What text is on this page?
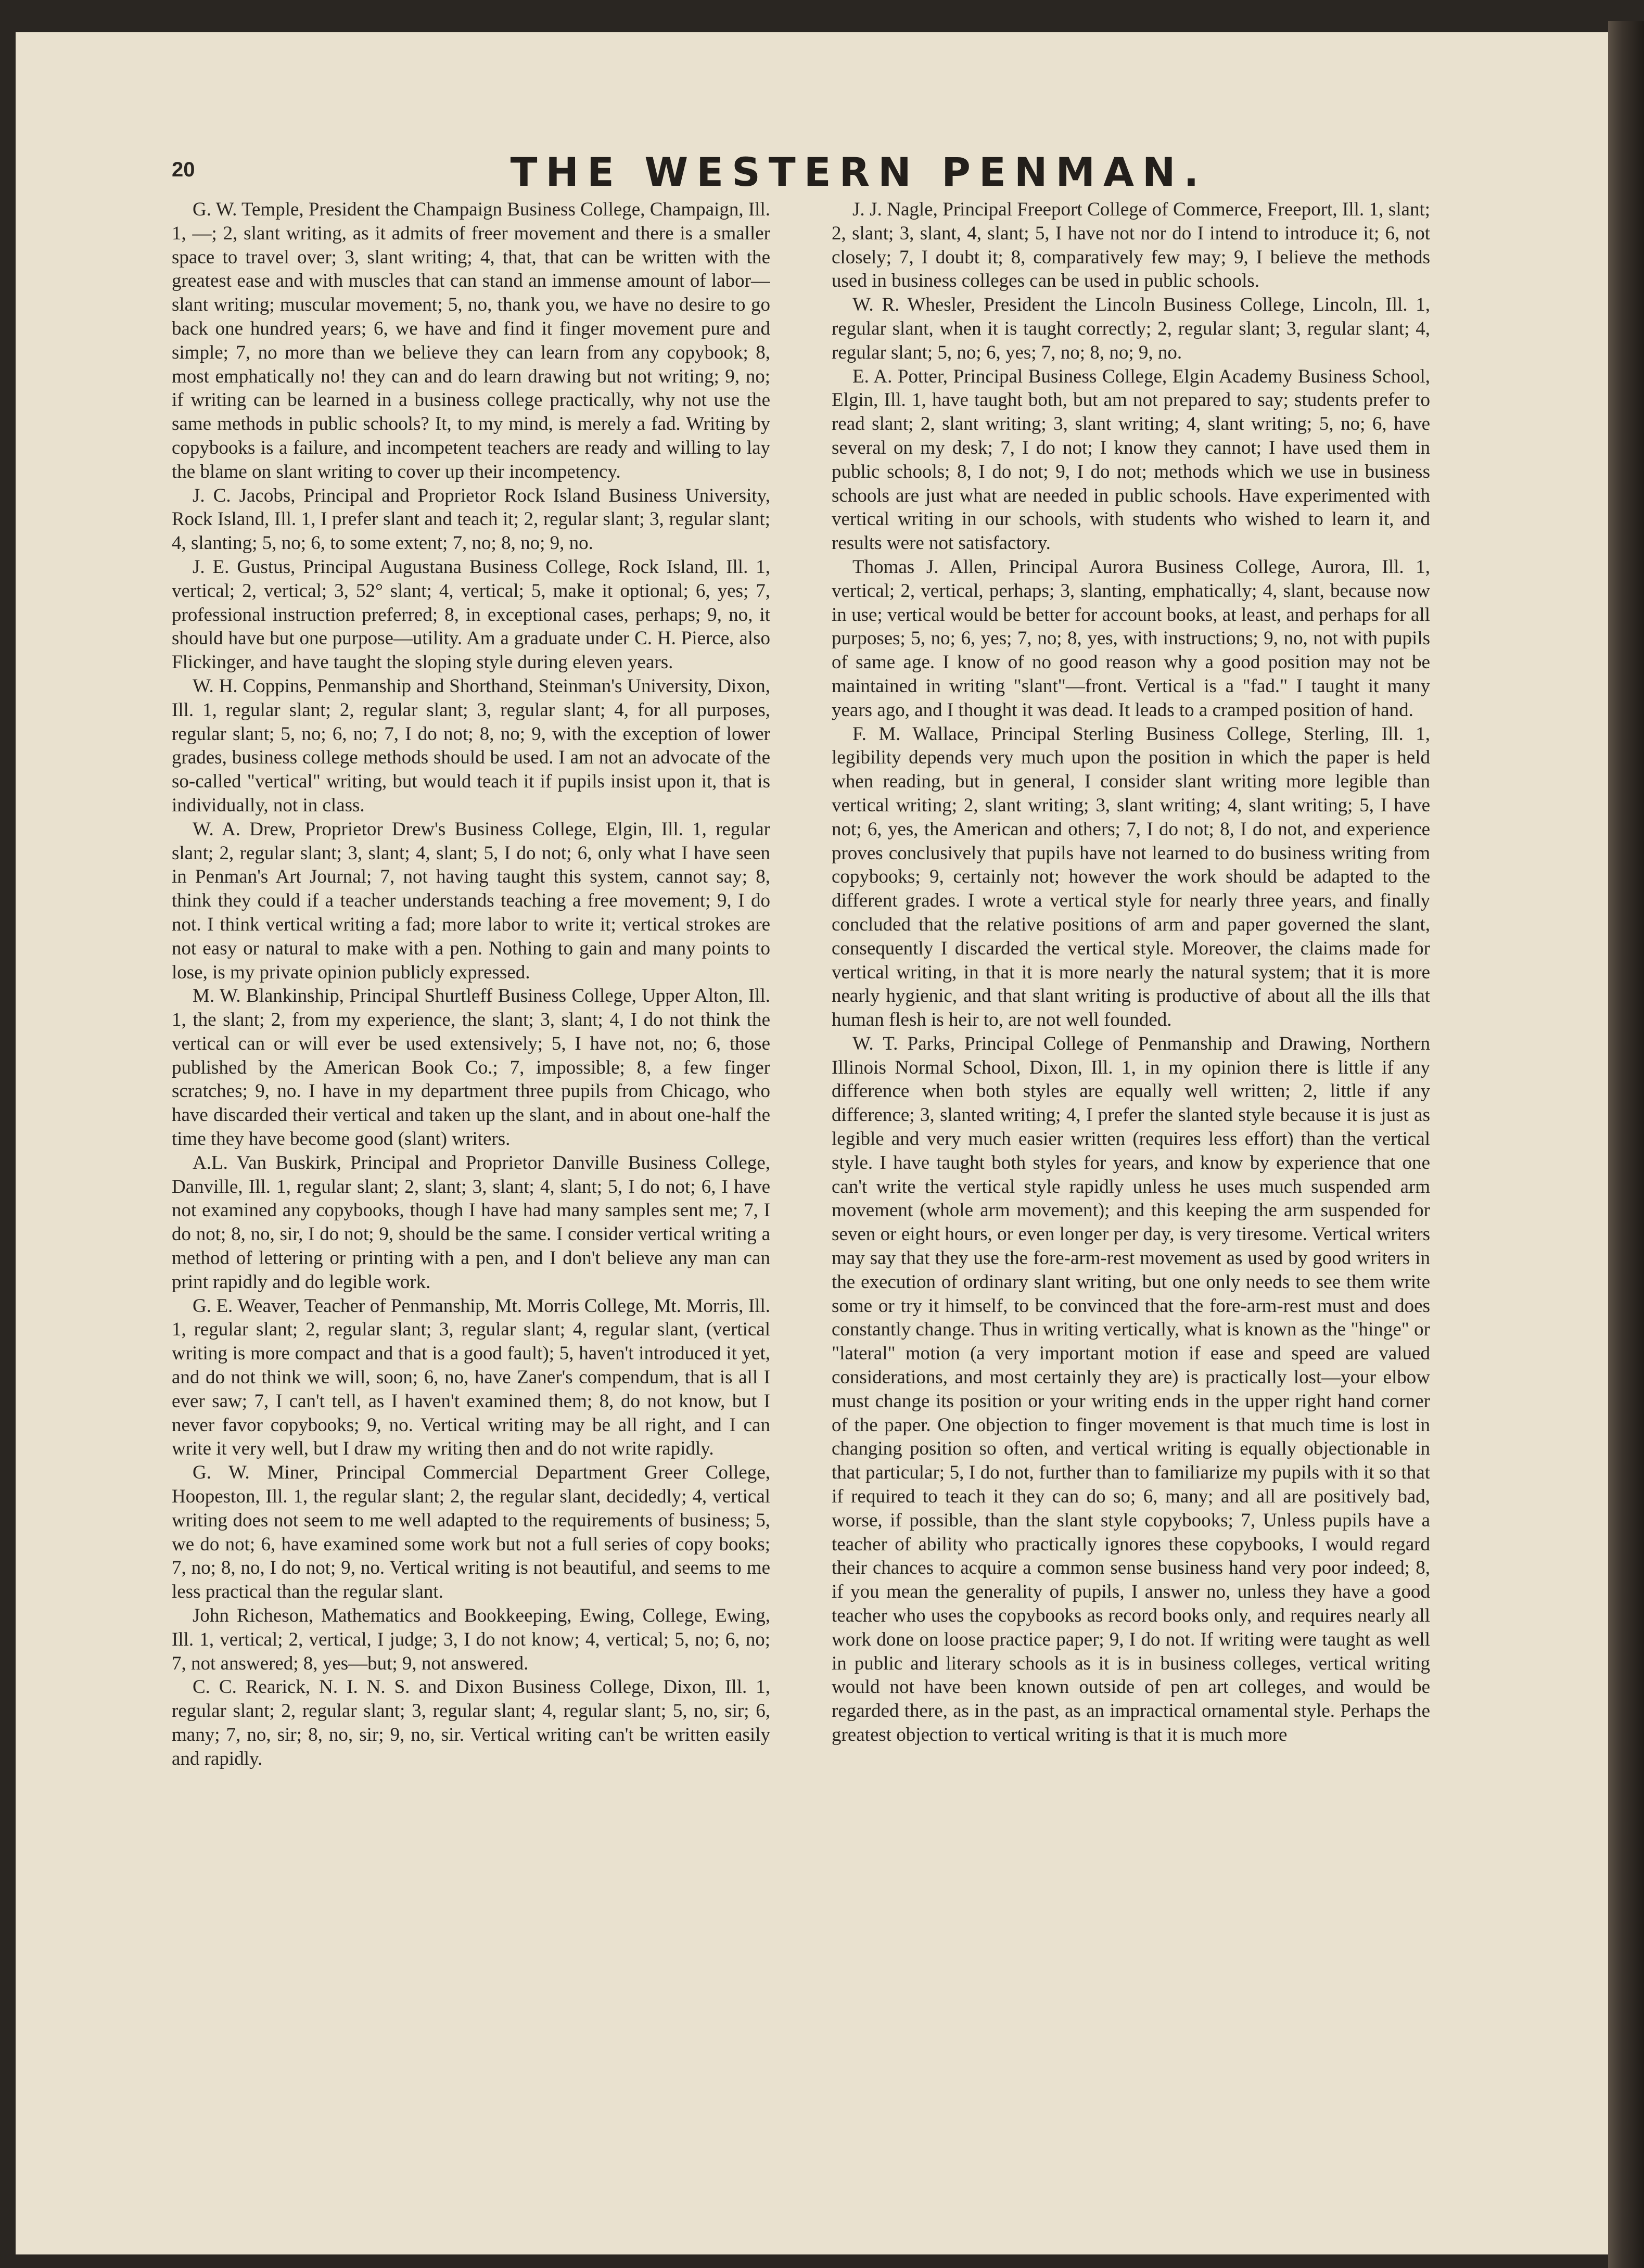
20	THE WESTERN PENMAN.

G. W. Temple, President the Champaign Business College, Champaign, Ill. 1, —; 2, slant writing, as it admits of freer movement and there is a smaller space to travel over; 3, slant writing; 4, that, that can be written with the greatest ease and with muscles that can stand an immense amount of labor—slant writing; muscular movement; 5, no, thank you, we have no desire to go back one hundred years; 6, we have and find it finger movement pure and simple; 7, no more than we believe they can learn from any copybook; 8, most emphatically no! they can and do learn drawing but not writing; 9, no; if writing can be learned in a business college practically, why not use the same methods in public schools? It, to my mind, is merely a fad. Writing by copybooks is a failure, and incompetent teachers are ready and willing to lay the blame on slant writing to cover up their incompetency.

J. C. Jacobs, Principal and Proprietor Rock Island Business University, Rock Island, Ill. 1, I prefer slant and teach it; 2, regular slant; 3, regular slant; 4, slanting; 5, no; 6, to some extent; 7, no; 8, no; 9, no.

J. E. Gustus, Principal Augustana Business College, Rock Island, Ill. 1, vertical; 2, vertical; 3, 52° slant; 4, vertical; 5, make it optional; 6, yes; 7, professional instruction preferred; 8, in exceptional cases, perhaps; 9, no, it should have but one purpose—utility. Am a graduate under C. H. Pierce, also Flickinger, and have taught the sloping style during eleven years.

W. H. Coppins, Penmanship and Shorthand, Steinman's University, Dixon, Ill. 1, regular slant; 2, regular slant; 3, regular slant; 4, for all purposes, regular slant; 5, no; 6, no; 7, I do not; 8, no; 9, with the exception of lower grades, business college methods should be used. I am not an advocate of the so-called "vertical" writing, but would teach it if pupils insist upon it, that is individually, not in class.

W. A. Drew, Proprietor Drew's Business College, Elgin, Ill. 1, regular slant; 2, regular slant; 3, slant; 4, slant; 5, I do not; 6, only what I have seen in Penman's Art Journal; 7, not having taught this system, cannot say; 8, think they could if a teacher understands teaching a free movement; 9, I do not. I think vertical writing a fad; more labor to write it; vertical strokes are not easy or natural to make with a pen. Nothing to gain and many points to lose, is my private opinion publicly expressed.

M. W. Blankinship, Principal Shurtleff Business College, Upper Alton, Ill. 1, the slant; 2, from my experience, the slant; 3, slant; 4, I do not think the vertical can or will ever be used extensively; 5, I have not, no; 6, those published by the American Book Co.; 7, impossible; 8, a few finger scratches; 9, no. I have in my department three pupils from Chicago, who have discarded their vertical and taken up the slant, and in about one-half the time they have become good (slant) writers.

A.L. Van Buskirk, Principal and Proprietor Danville Business College, Danville, Ill. 1, regular slant; 2, slant; 3, slant; 4, slant; 5, I do not; 6, I have not examined any copybooks, though I have had many samples sent me; 7, I do not; 8, no, sir, I do not; 9, should be the same. I consider vertical writing a method of lettering or printing with a pen, and I don't believe any man can print rapidly and do legible work.

G. E. Weaver, Teacher of Penmanship, Mt. Morris College, Mt. Morris, Ill. 1, regular slant; 2, regular slant; 3, regular slant; 4, regular slant, (vertical writing is more compact and that is a good fault); 5, haven't introduced it yet, and do not think we will, soon; 6, no, have Zaner's compendum, that is all I ever saw; 7, I can't tell, as I haven't examined them; 8, do not know, but I never favor copybooks; 9, no. Vertical writing may be all right, and I can write it very well, but I draw my writing then and do not write rapidly.

G. W. Miner, Principal Commercial Department Greer College, Hoopeston, Ill. 1, the regular slant; 2, the regular slant, decidedly; 4, vertical writing does not seem to me well adapted to the requirements of business; 5, we do not; 6, have examined some work but not a full series of copy books; 7, no; 8, no, I do not; 9, no. Vertical writing is not beautiful, and seems to me less practical than the regular slant.

John Richeson, Mathematics and Bookkeeping, Ewing, College, Ewing, Ill. 1, vertical; 2, vertical, I judge; 3, I do not know; 4, vertical; 5, no; 6, no; 7, not answered; 8, yes—but; 9, not answered.

C. C. Rearick, N. I. N. S. and Dixon Business College, Dixon, Ill. 1, regular slant; 2, regular slant; 3, regular slant; 4, regular slant; 5, no, sir; 6, many; 7, no, sir; 8, no, sir; 9, no, sir. Vertical writing can't be written easily and rapidly.

J. J. Nagle, Principal Freeport College of Commerce, Freeport, Ill. 1, slant; 2, slant; 3, slant, 4, slant; 5, I have not nor do I intend to introduce it; 6, not closely; 7, I doubt it; 8, comparatively few may; 9, I believe the methods used in business colleges can be used in public schools.

W. R. Whesler, President the Lincoln Business College, Lincoln, Ill. 1, regular slant, when it is taught correctly; 2, regular slant; 3, regular slant; 4, regular slant; 5, no; 6, yes; 7, no; 8, no; 9, no.

E. A. Potter, Principal Business College, Elgin Academy Business School, Elgin, Ill. 1, have taught both, but am not prepared to say; students prefer to read slant; 2, slant writing; 3, slant writing; 4, slant writing; 5, no; 6, have several on my desk; 7, I do not; I know they cannot; I have used them in public schools; 8, I do not; 9, I do not; methods which we use in business schools are just what are needed in public schools. Have experimented with vertical writing in our schools, with students who wished to learn it, and results were not satisfactory.

Thomas J. Allen, Principal Aurora Business College, Aurora, Ill. 1, vertical; 2, vertical, perhaps; 3, slanting, emphatically; 4, slant, because now in use; vertical would be better for account books, at least, and perhaps for all purposes; 5, no; 6, yes; 7, no; 8, yes, with instructions; 9, no, not with pupils of same age. I know of no good reason why a good position may not be maintained in writing "slant"—front. Vertical is a "fad." I taught it many years ago, and I thought it was dead. It leads to a cramped position of hand.

F. M. Wallace, Principal Sterling Business College, Sterling, Ill. 1, legibility depends very much upon the position in which the paper is held when reading, but in general, I consider slant writing more legible than vertical writing; 2, slant writing; 3, slant writing; 4, slant writing; 5, I have not; 6, yes, the American and others; 7, I do not; 8, I do not, and experience proves conclusively that pupils have not learned to do business writing from copybooks; 9, certainly not; however the work should be adapted to the different grades. I wrote a vertical style for nearly three years, and finally concluded that the relative positions of arm and paper governed the slant, consequently I discarded the vertical style. Moreover, the claims made for vertical writing, in that it is more nearly the natural system; that it is more nearly hygienic, and that slant writing is productive of about all the ills that human flesh is heir to, are not well founded.

W. T. Parks, Principal College of Penmanship and Drawing, Northern Illinois Normal School, Dixon, Ill. 1, in my opinion there is little if any difference when both styles are equally well written; 2, little if any difference; 3, slanted writing; 4, I prefer the slanted style because it is just as legible and very much easier written (requires less effort) than the vertical style. I have taught both styles for years, and know by experience that one can't write the vertical style rapidly unless he uses much suspended arm movement (whole arm movement); and this keeping the arm suspended for seven or eight hours, or even longer per day, is very tiresome. Vertical writers may say that they use the fore-arm-rest movement as used by good writers in the execution of ordinary slant writing, but one only needs to see them write some or try it himself, to be convinced that the fore-arm-rest must and does constantly change. Thus in writing vertically, what is known as the "hinge" or "lateral" motion (a very important motion if ease and speed are valued considerations, and most certainly they are) is practically lost—your elbow must change its position or your writing ends in the upper right hand corner of the paper. One objection to finger movement is that much time is lost in changing position so often, and vertical writing is equally objectionable in that particular; 5, I do not, further than to familiarize my pupils with it so that if required to teach it they can do so; 6, many; and all are positively bad, worse, if possible, than the slant style copybooks; 7, Unless pupils have a teacher of ability who practically ignores these copybooks, I would regard their chances to acquire a common sense business hand very poor indeed; 8, if you mean the generality of pupils, I answer no, unless they have a good teacher who uses the copybooks as record books only, and requires nearly all work done on loose practice paper; 9, I do not. If writing were taught as well in public and literary schools as it is in business colleges, vertical writing would not have been known outside of pen art colleges, and would be regarded there, as in the past, as an impractical ornamental style. Perhaps the greatest objection to vertical writing is that it is much more
